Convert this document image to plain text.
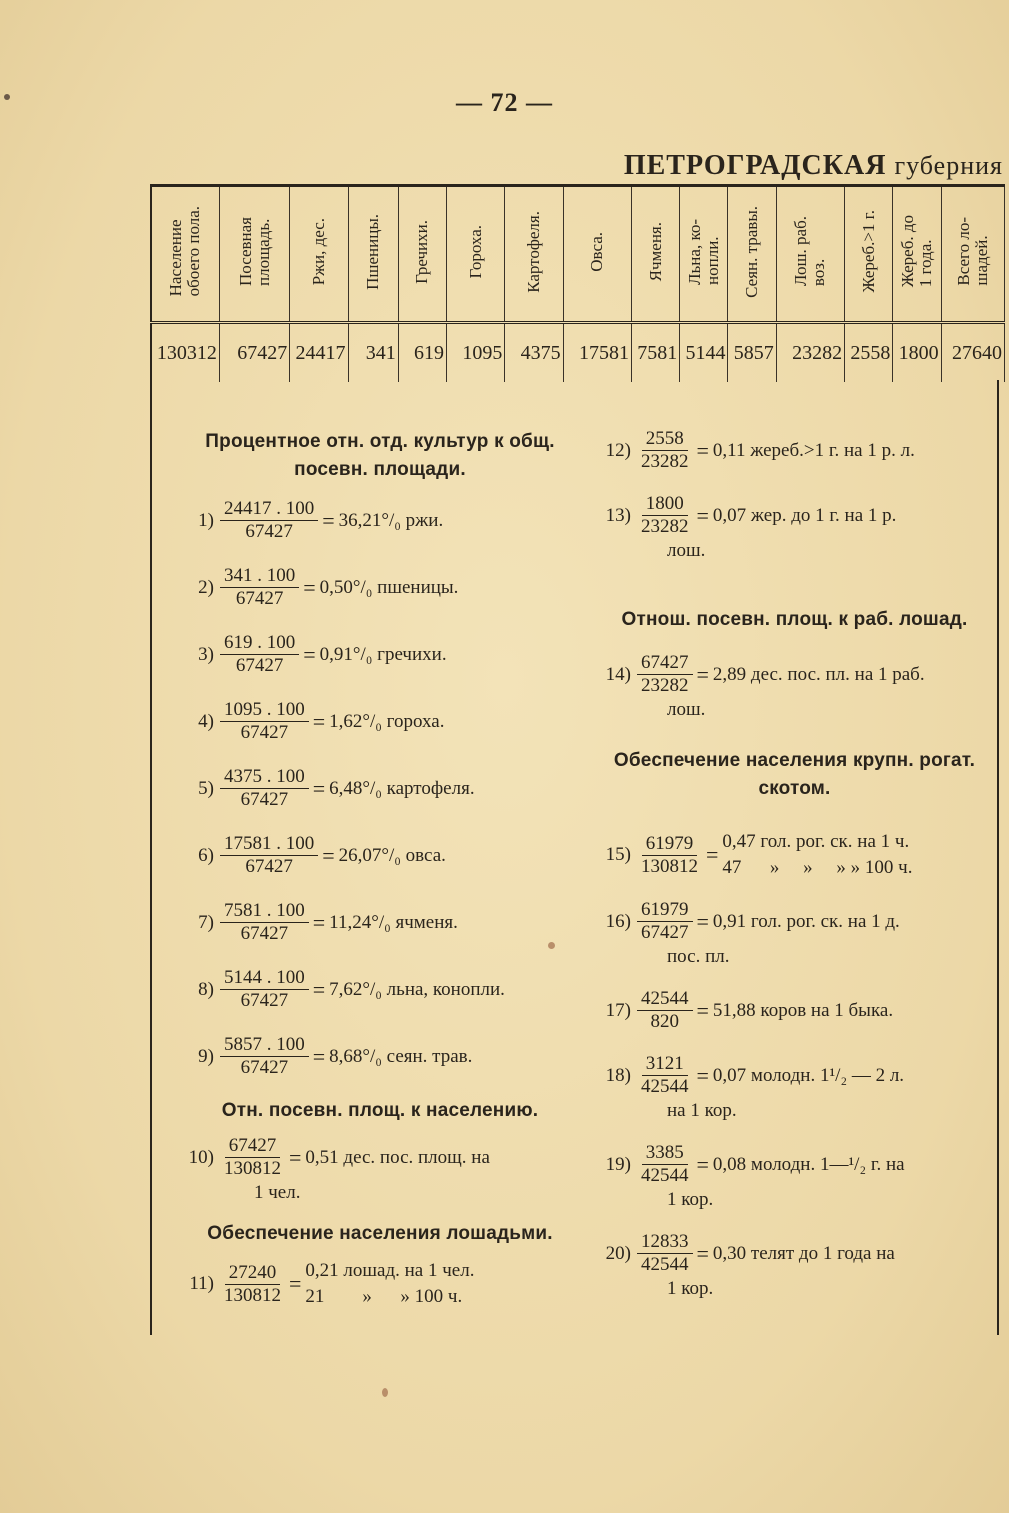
— 72 —
ПЕТРОГРАДСКАЯ губерния
Население
обоего пола.	Посевная
площадь.	Ржи, дес.	Пшеницы.	Гречихи.	Гороха.	Картофеля.	Овса.	Ячменя.	Льна, ко-
нопли.	Сеян. травы.	Лош. раб.
воз.	Жереб.>1 г.	Жереб. до
1 года.	Всего ло-
шадей.
130312	67427	24417	341	619	1095	4375	17581	7581	5144	5857	23282	2558	1800	27640
Процентное отн. отд. культур к общ. посевн. площади.
$1) \frac{24417 . 100}{67427} = 36,21^\circ/_0$ ржи.
$2) \frac{341 . 100}{67427} = 0,50^\circ/_0$ пшеницы.
$3) \frac{619 . 100}{67427} = 0,91^\circ/_0$ гречихи.
$4) \frac{1095 . 100}{67427} = 1,62^\circ/_0$ гороха.
$5) \frac{4375 . 100}{67427} = 6,48^\circ/_0$ картофеля.
$6) \frac{17581 . 100}{67427} = 26,07^\circ/_0$ овса.
$7) \frac{7581 . 100}{67427} = 11,24^\circ/_0$ ячменя.
$8) \frac{5144 . 100}{67427} = 7,62^\circ/_0$ льна, конопли.
$9) \frac{5857 . 100}{67427} = 8,68^\circ/_0$ сеян. трав.
Отн. посевн. площ. к населению.
$10) \frac{67427}{130812} = 0,51$ дес. пос. площ. на
1 чел.
Обеспечение населения лошадьми.
$11) \frac{27240}{130812}$ =
0,21 лошад. на 1 чел.
21        »      » 100 ч.
$12) \frac{2558}{23282} = 0,11$ жереб.>1 г. на 1 р. л.
$13) \frac{1800}{23282} = 0,07$ жер. до 1 г. на 1 р.
лош.
Отнош. посевн. площ. к раб. лошад.
$14) \frac{67427}{23282} = 2,89$ дес. пос. пл. на 1 раб.
лош.
Обеспечение населения крупн. рогат. скотом.
$15) \frac{61979}{130812}$ =
0,47 гол. рог. ск. на 1 ч.
47      »     »     » » 100 ч.
$16) \frac{61979}{67427} = 0,91$ гол. рог. ск. на 1 д.
пос. пл.
$17) \frac{42544}{820} = 51,88$ коров на 1 быка.
$18) \frac{3121}{42544} = 0,07$ молодн. 1¹/₂ — 2 л.
на 1 кор.
$19) \frac{3385}{42544} = 0,08$ молодн. 1—¹/₂ г. на
1 кор.
$20) \frac{12833}{42544} = 0,30$ телят до 1 года на
1 кор.
